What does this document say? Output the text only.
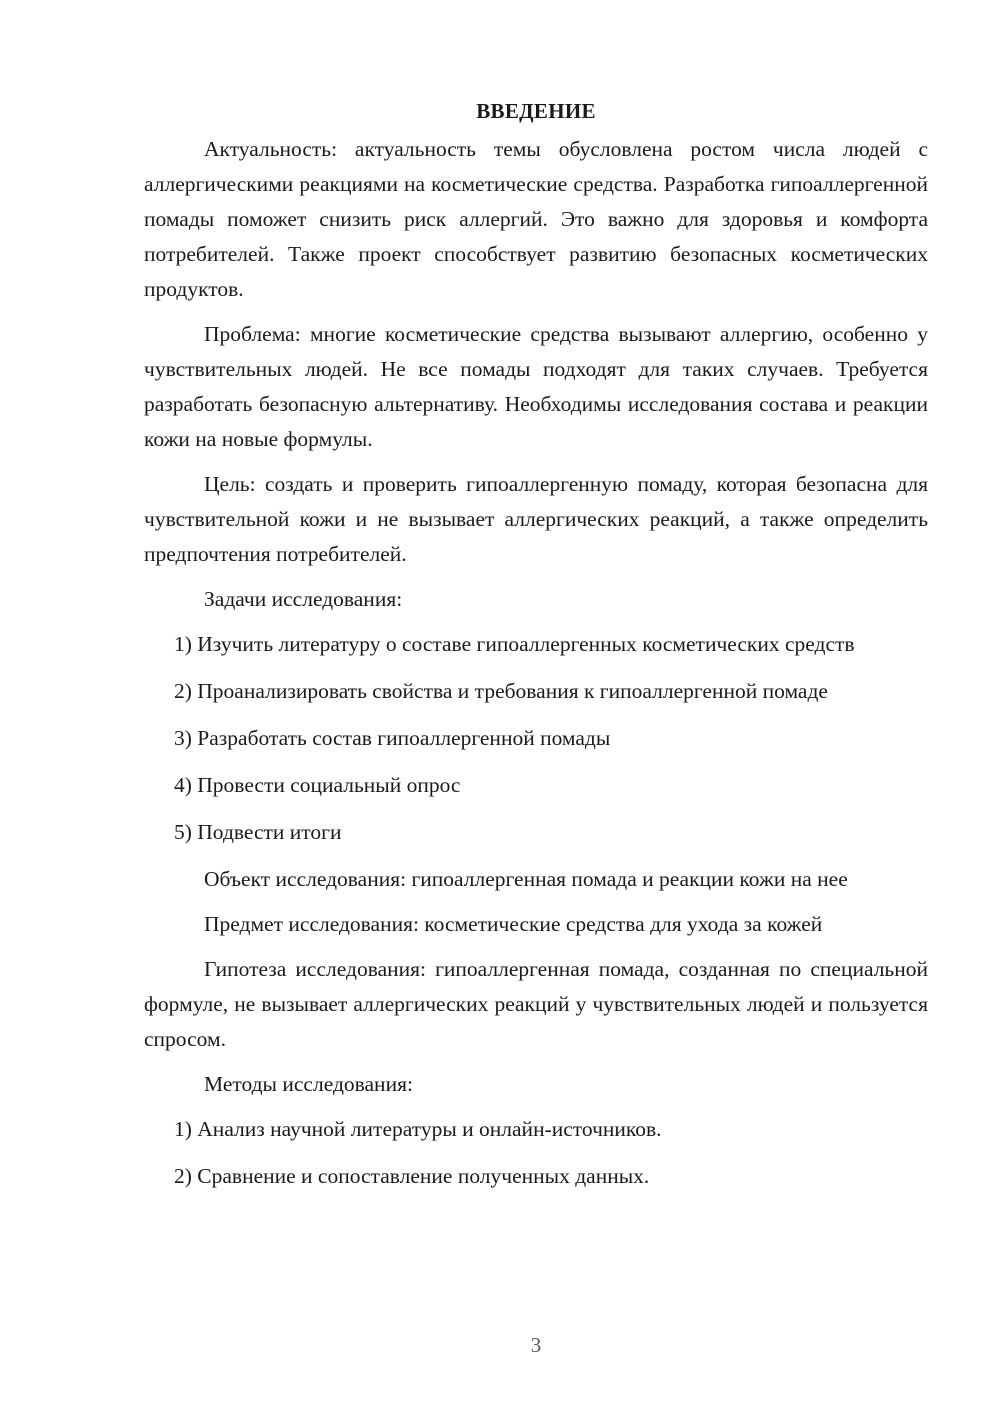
ВВЕДЕНИЕ

Актуальность: актуальность темы обусловлена ростом числа людей с аллергическими реакциями на косметические средства. Разработка гипоаллергенной помады поможет снизить риск аллергий. Это важно для здоровья и комфорта потребителей. Также проект способствует развитию безопасных косметических продуктов.

Проблема: многие косметические средства вызывают аллергию, особенно у чувствительных людей. Не все помады подходят для таких случаев. Требуется разработать безопасную альтернативу. Необходимы исследования состава и реакции кожи на новые формулы.

Цель: создать и проверить гипоаллергенную помаду, которая безопасна для чувствительной кожи и не вызывает аллергических реакций, а также определить предпочтения потребителей.

Задачи исследования:

1) Изучить литературу о составе гипоаллергенных косметических средств

2) Проанализировать свойства и требования к гипоаллергенной помаде

3) Разработать состав гипоаллергенной помады

4) Провести социальный опрос

5) Подвести итоги

Объект исследования: гипоаллергенная помада и реакции кожи на нее

Предмет исследования: косметические средства для ухода за кожей

Гипотеза исследования: гипоаллергенная помада, созданная по специальной формуле, не вызывает аллергических реакций у чувствительных людей и пользуется спросом.

Методы исследования:

1) Анализ научной литературы и онлайн-источников.

2) Сравнение и сопоставление полученных данных.

3
